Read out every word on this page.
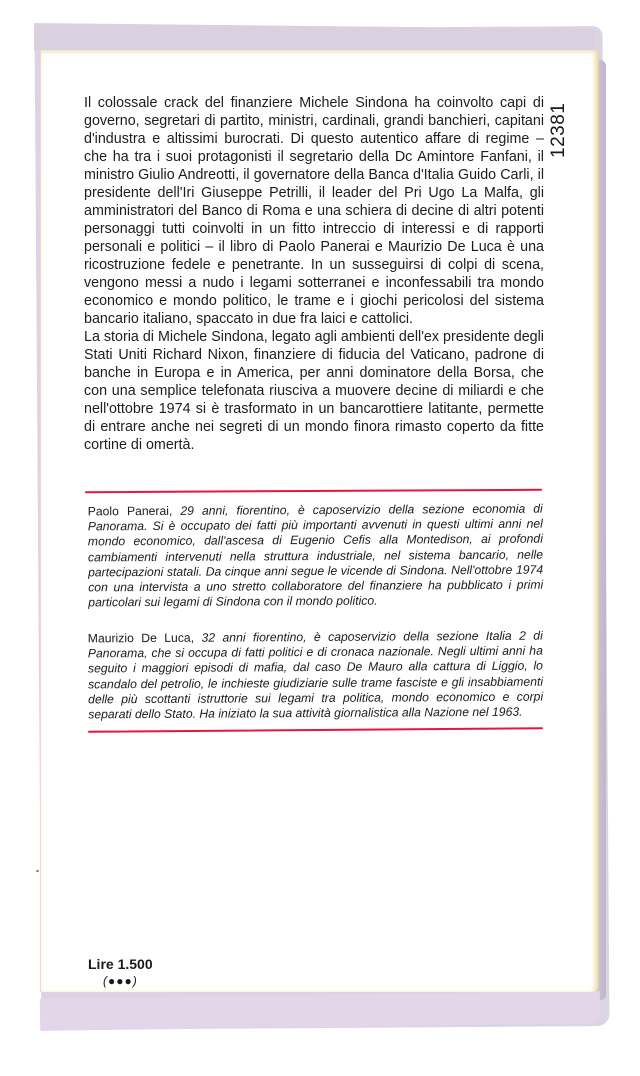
12381

Il colossale crack del finanziere Michele Sindona ha coinvolto capi di governo, segretari di partito, ministri, cardinali, grandi banchieri, capitani d'industra e altissimi burocrati. Di questo autentico affare di regime – che ha tra i suoi protagonisti il segretario della Dc Amintore Fanfani, il ministro Giulio Andreotti, il governatore della Banca d'Italia Guido Carli, il presidente dell'Iri Giuseppe Petrilli, il leader del Pri Ugo La Malfa, gli amministratori del Banco di Roma e una schiera di decine di altri potenti personaggi tutti coinvolti in un fitto intreccio di interessi e di rapporti personali e politici – il libro di Paolo Panerai e Maurizio De Luca è una ricostruzione fedele e penetrante. In un susseguirsi di colpi di scena, vengono messi a nudo i legami sotterranei e inconfessabili tra mondo economico e mondo politico, le trame e i giochi pericolosi del sistema bancario italiano, spaccato in due fra laici e cattolici.

La storia di Michele Sindona, legato agli ambienti dell'ex presidente degli Stati Uniti Richard Nixon, finanziere di fiducia del Vaticano, padrone di banche in Europa e in America, per anni dominatore della Borsa, che con una semplice telefonata riusciva a muovere decine di miliardi e che nell'ottobre 1974 si è trasformato in un bancarottiere latitante, permette di entrare anche nei segreti di un mondo finora rimasto coperto da fitte cortine di omertà.

Paolo Panerai, 29 anni, fiorentino, è caposervizio della sezione economia di Panorama. Si è occupato dei fatti più importanti avvenuti in questi ultimi anni nel mondo economico, dall'ascesa di Eugenio Cefis alla Montedison, ai profondi cambiamenti intervenuti nella struttura industriale, nel sistema bancario, nelle partecipazioni statali. Da cinque anni segue le vicende di Sindona. Nell'ottobre 1974 con una intervista a uno stretto collaboratore del finanziere ha pubblicato i primi particolari sui legami di Sindona con il mondo politico.
Maurizio De Luca, 32 anni fiorentino, è caposervizio della sezione Italia 2 di Panorama, che si occupa di fatti politici e di cronaca nazionale. Negli ultimi anni ha seguito i maggiori episodi di mafia, dal caso De Mauro alla cattura di Liggio, lo scandalo del petrolio, le inchieste giudiziarie sulle trame fasciste e gli insabbiamenti delle più scottanti istruttorie sui legami tra politica, mondo economico e corpi separati dello Stato. Ha iniziato la sua attività giornalistica alla Nazione nel 1963.
Lire 1.500
(●●●)
